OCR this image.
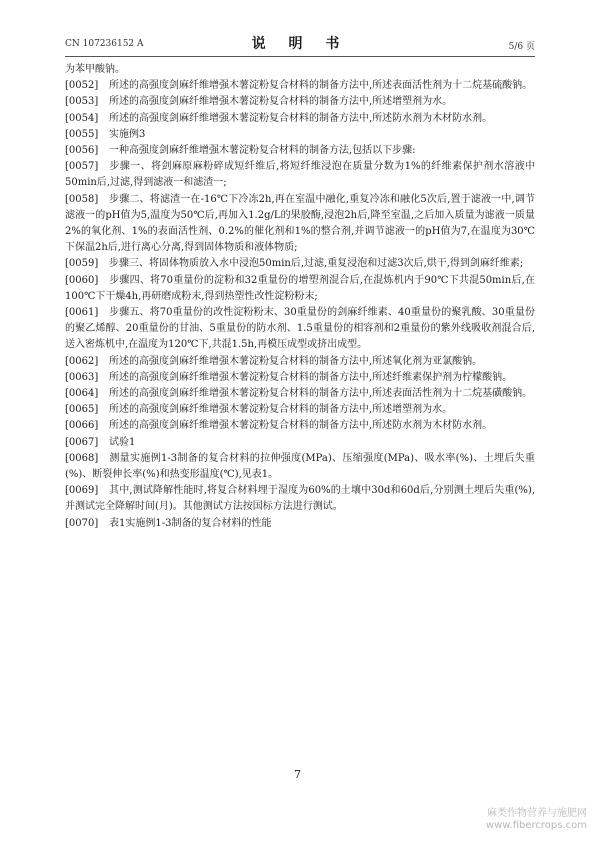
CN 107236152 A	说 明 书	5/6 页

为苯甲酸钠。

[0052] 所述的高强度剑麻纤维增强木薯淀粉复合材料的制备方法中,所述表面活性剂为十二烷基硫酸钠。

[0053] 所述的高强度剑麻纤维增强木薯淀粉复合材料的制备方法中,所述增塑剂为水。

[0054] 所述的高强度剑麻纤维增强木薯淀粉复合材料的制备方法中,所述防水剂为木材防水剂。

[0055] 实施例3

[0056] 一种高强度剑麻纤维增强木薯淀粉复合材料的制备方法,包括以下步骤:

[0057] 步骤一、将剑麻原麻粉碎成短纤维后,将短纤维浸泡在质量分数为1%的纤维素保护剂水溶液中50min后,过滤,得到滤液一和滤渣一;

[0058] 步骤二、将滤渣一在-16℃下冷冻2h,再在室温中融化,重复冷冻和融化5次后,置于滤液一中,调节滤液一的pH值为5,温度为50℃后,再加入1.2g/L的果胶酶,浸泡2h后,降至室温,之后加入质量为滤液一质量2%的氧化剂、1%的表面活性剂、0.2%的催化剂和1%的整合剂,并调节滤液一的pH值为7,在温度为30℃下保温2h后,进行离心分离,得到固体物质和液体物质;

[0059] 步骤三、将固体物质放入水中浸泡50min后,过滤,重复浸泡和过滤3次后,烘干,得到剑麻纤维素;

[0060] 步骤四、将70重量份的淀粉和32重量份的增塑剂混合后,在混炼机内于90℃下共混50min后,在100℃下干燥4h,再研磨成粉末,得到热塑性改性淀粉粉末;

[0061] 步骤五、将70重量份的改性淀粉粉末、30重量份的剑麻纤维素、40重量份的聚乳酸、30重量份的聚乙烯醇、20重量份的甘油、5重量份的防水剂、1.5重量份的相容剂和2重量份的紫外线吸收剂混合后,送入密炼机中,在温度为120℃下,共混1.5h,再模压成型或挤出成型。

[0062] 所述的高强度剑麻纤维增强木薯淀粉复合材料的制备方法中,所述氧化剂为亚氯酸钠。

[0063] 所述的高强度剑麻纤维增强木薯淀粉复合材料的制备方法中,所述纤维素保护剂为柠檬酸钠。

[0064] 所述的高强度剑麻纤维增强木薯淀粉复合材料的制备方法中,所述表面活性剂为十二烷基磺酸钠。

[0065] 所述的高强度剑麻纤维增强木薯淀粉复合材料的制备方法中,所述增塑剂为水。

[0066] 所述的高强度剑麻纤维增强木薯淀粉复合材料的制备方法中,所述防水剂为木材防水剂。

[0067] 试验1

[0068] 测量实施例1-3制备的复合材料的拉伸强度(MPa)、压缩强度(MPa)、吸水率(%)、土埋后失重(%)、断裂伸长率(%)和热变形温度(℃),见表1。

[0069] 其中,测试降解性能时,将复合材料埋于湿度为60%的土壤中30d和60d后,分别测土埋后失重(%),并测试完全降解时间(月)。其他测试方法按国标方法进行测试。

[0070] 表1实施例1-3制备的复合材料的性能

7
麻类作物营养与施肥网
www.fibercrops.com
